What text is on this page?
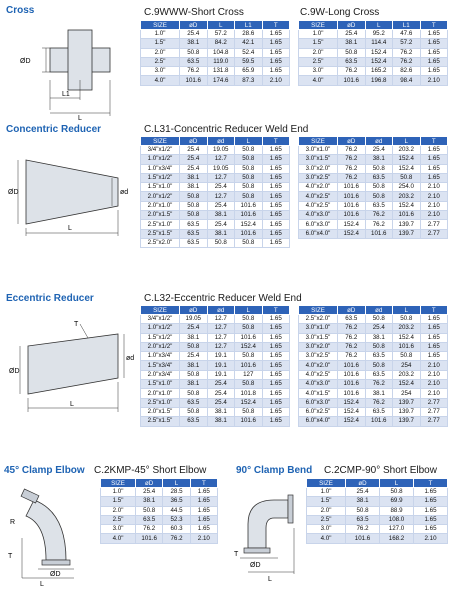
Cross	C.9WWW-Short Cross	C.9W-Long Cross
ØD
L1
L
SIZE	øD	L	L1	T
1.0"	25.4	57.2	28.6	1.65
1.5"	38.1	84.2	42.1	1.65
2.0"	50.8	104.8	52.4	1.65
2.5"	63.5	119.0	59.5	1.65
3.0"	76.2	131.8	65.9	1.65
4.0"	101.6	174.6	87.3	2.10
SIZE	øD	L	L1	T
1.0"	25.4	95.2	47.6	1.65
1.5"	38.1	114.4	57.2	1.65
2.0"	50.8	152.4	76.2	1.65
2.5"	63.5	152.4	76.2	1.65
3.0"	76.2	165.2	82.6	1.65
4.0"	101.6	196.8	98.4	2.10
Concentric Reducer	C.L31-Concentric Reducer Weld End
ØD	ød
L
SIZE	øD	ød	L	T
3/4"x1/2"	25.4	19.05	50.8	1.65
1.0"x1/2"	25.4	12.7	50.8	1.65
1.0"x3/4"	25.4	19.05	50.8	1.65
1.5"x1/2"	38.1	12.7	50.8	1.65
1.5"x1.0"	38.1	25.4	50.8	1.65
2.0"x1/2"	50.8	12.7	50.8	1.65
2.0"x1.0"	50.8	25.4	101.6	1.65
2.0"x1.5"	50.8	38.1	101.6	1.65
2.5"x1.0"	63.5	25.4	152.4	1.65
2.5"x1.5"	63.5	38.1	101.6	1.65
2.5"x2.0"	63.5	50.8	50.8	1.65
SIZE	øD	ød	L	T
3.0"x1.0"	76.2	25.4	203.2	1.65
3.0"x1.5"	76.2	38.1	152.4	1.65
3.0"x2.0"	76.2	50.8	152.4	1.65
3.0"x2.5"	76.2	63.5	50.8	1.65
4.0"x2.0"	101.6	50.8	254.0	2.10
4.0"x2.5"	101.6	50.8	203.2	2.10
4.0"x2.5"	101.6	63.5	152.4	2.10
4.0"x3.0"	101.6	76.2	101.6	2.10
6.0"x3.0"	152.4	76.2	139.7	2.77
6.0"x4.0"	152.4	101.6	139.7	2.77
Eccentric Reducer	C.L32-Eccentric Reducer Weld End
ØD
ød
L
T
SIZE	øD	ød	L	T
3/4"x1/2"	19.05	12.7	50.8	1.65
1.0"x1/2"	25.4	12.7	50.8	1.65
1.5"x1/2"	38.1	12.7	101.6	1.65
2.0"x1/2"	50.8	12.7	152.4	1.65
1.0"x3/4"	25.4	19.1	50.8	1.65
1.5"x3/4"	38.1	19.1	101.6	1.65
2.0"x3/4"	50.8	19.1	127	1.65
1.5"x1.0"	38.1	25.4	50.8	1.65
2.0"x1.0"	50.8	25.4	101.8	1.65
2.5"x1.0"	63.5	25.4	152.4	1.65
2.0"x1.5"	50.8	38.1	50.8	1.65
2.5"x1.5"	63.5	38.1	101.6	1.65
SIZE	øD	ød	L	T
2.5"x2.0"	63.5	50.8	50.8	1.65
3.0"x1.0"	76.2	25.4	203.2	1.65
3.0"x1.5"	76.2	38.1	152.4	1.65
3.0"x2.0"	76.2	50.8	101.6	1.65
3.0"x2.5"	76.2	63.5	50.8	1.65
4.0"x2.0"	101.6	50.8	254	2.10
4.0"x2.5"	101.6	63.5	203.2	2.10
4.0"x3.0"	101.6	76.2	152.4	2.10
4.0"x1.5"	101.6	38.1	254	2.10
6.0"x3.0"	152.4	76.2	139.7	2.77
6.0"x2.5"	152.4	63.5	139.7	2.77
6.0"x4.0"	152.4	101.6	139.7	2.77
45° Clamp Elbow C.2KMP-45° Short Elbow
R
ØD
L
T
SIZE	øD	L	T
1.0"	25.4	28.5	1.65
1.5"	38.1	36.5	1.65
2.0"	50.8	44.5	1.65
2.5"	63.5	52.3	1.65
3.0"	76.2	60.3	1.65
4.0"	101.6	76.2	2.10
90° Clamp Bend C.2CMP-90° Short Elbow
ØD
T
L
SIZE	øD	L	T
1.0"	25.4	50.8	1.65
1.5"	38.1	69.9	1.65
2.0"	50.8	88.9	1.65
2.5"	63.5	108.0	1.65
3.0"	76.2	127.0	1.65
4.0"	101.6	168.2	2.10
